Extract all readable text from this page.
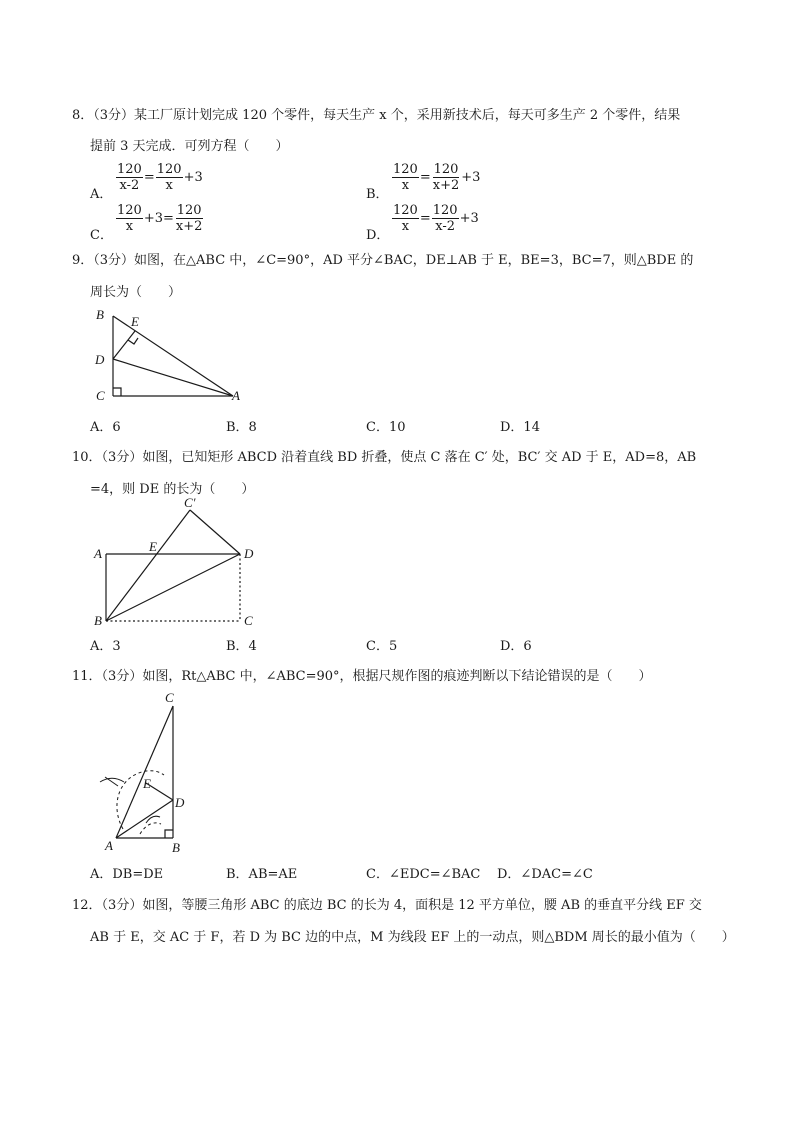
8．（3分）某工厂原计划完成 120 个零件，每天生产 x 个，采用新技术后，每天可多生产 2 个零件，结果
提前 3 天完成．可列方程（　　）
A．
$\frac{120}{x-2} = \frac{120}{x} +3$
B．
$\frac{120}{x} = \frac{120}{x+2} +3$
C．
$\frac{120}{x} +3= \frac{120}{x+2}$
D．
$\frac{120}{x} = \frac{120}{x-2} +3$
9．（3分）如图，在△ABC 中，∠C=90°，AD 平分∠BAC，DE⊥AB 于 E，BE=3，BC=7，则△BDE 的
周长为（　　）
B E
D
C	A
A．6	B．8	C．10	D．14
10．（3分）如图，已知矩形 ABCD 沿着直线 BD 折叠，使点 C 落在 C′ 处，BC′ 交 AD 于 E，AD=8，AB
=4，则 DE 的长为（　　）
C′
A	E	D
B	C
A．3	B．4	C．5	D．6
11．（3分）如图，Rt△ABC 中，∠ABC=90°，根据尺规作图的痕迹判断以下结论错误的是（　　）
C
E
D
A	B
A．DB=DE	B．AB=AE	C．∠EDC=∠BAC D．∠DAC=∠C
12．（3分）如图，等腰三角形 ABC 的底边 BC 的长为 4，面积是 12 平方单位，腰 AB 的垂直平分线 EF 交
AB 于 E，交 AC 于 F，若 D 为 BC 边的中点，M 为线段 EF 上的一动点，则△BDM 周长的最小值为（　　）
